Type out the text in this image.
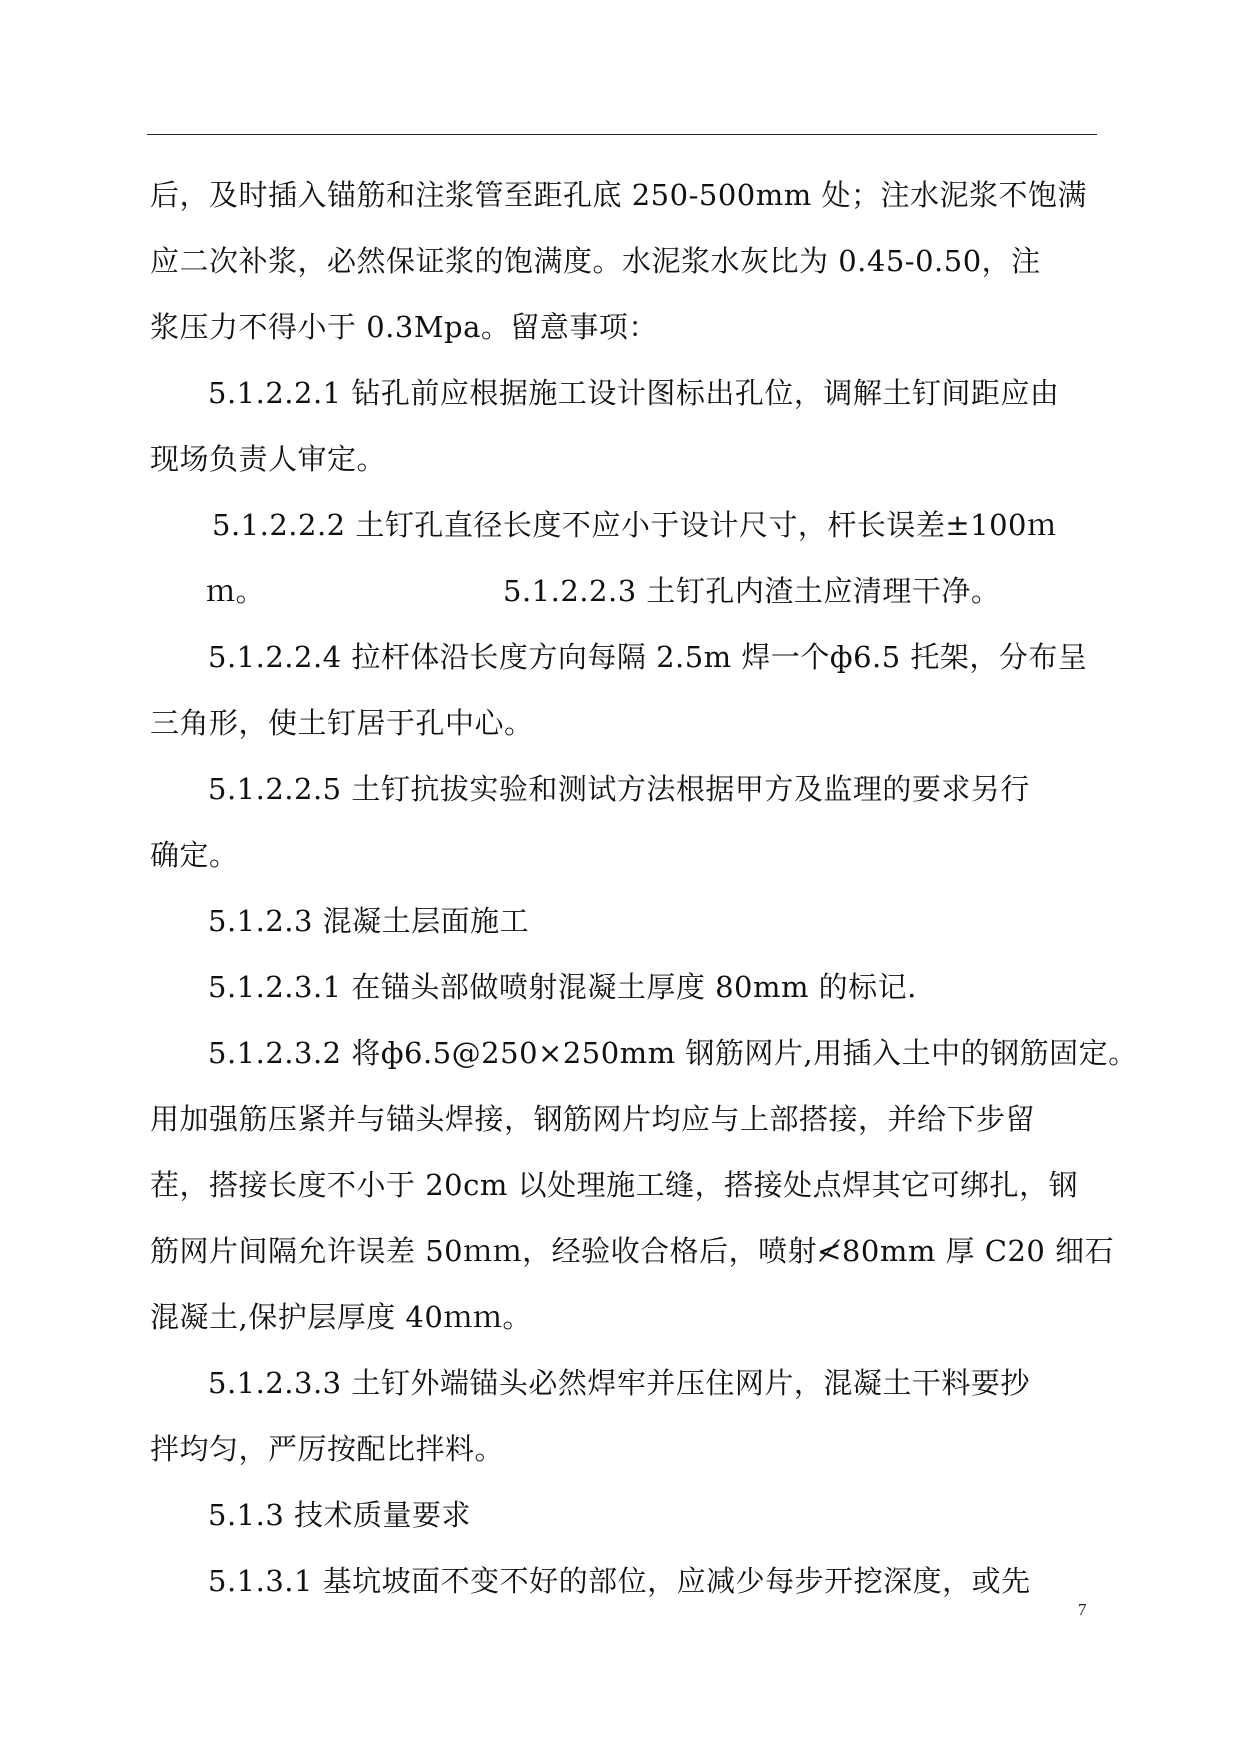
后，及时插入锚筋和注浆管至距孔底 250-500mm 处；注水泥浆不饱满
应二次补浆，必然保证浆的饱满度。水泥浆水灰比为 0.45-0.50，注
浆压力不得小于 0.3Mpa。留意事项：
5.1.2.2.1 钻孔前应根据施工设计图标出孔位，调解土钉间距应由
现场负责人审定。
5.1.2.2.2 土钉孔直径长度不应小于设计尺寸，杆长误差±100ｍ
ｍ。	5.1.2.2.3 土钉孔内渣土应清理干净。
5.1.2.2.4 拉杆体沿长度方向每隔 2.5m 焊一个ф6.5 托架，分布呈
三角形，使土钉居于孔中心。
5.1.2.2.5 土钉抗拔实验和测试方法根据甲方及监理的要求另行
确定。
5.1.2.3 混凝土层面施工
5.1.2.3.1 在锚头部做喷射混凝土厚度 80mm 的标记.
5.1.2.3.2 将ф6.5@250×250mm 钢筋网片,用插入土中的钢筋固定。
用加强筋压紧并与锚头焊接，钢筋网片均应与上部搭接，并给下步留
茬，搭接长度不小于 20cm 以处理施工缝，搭接处点焊其它可绑扎，钢
筋网片间隔允许误差 50ｍｍ，经验收合格后，喷射≮80mm 厚 C20 细石
混凝土,保护层厚度 40ｍｍ。
5.1.2.3.3 土钉外端锚头必然焊牢并压住网片，混凝土干料要抄
拌均匀，严厉按配比拌料。
5.1.3 技术质量要求
5.1.3.1 基坑坡面不变不好的部位，应减少每步开挖深度，或先
7
